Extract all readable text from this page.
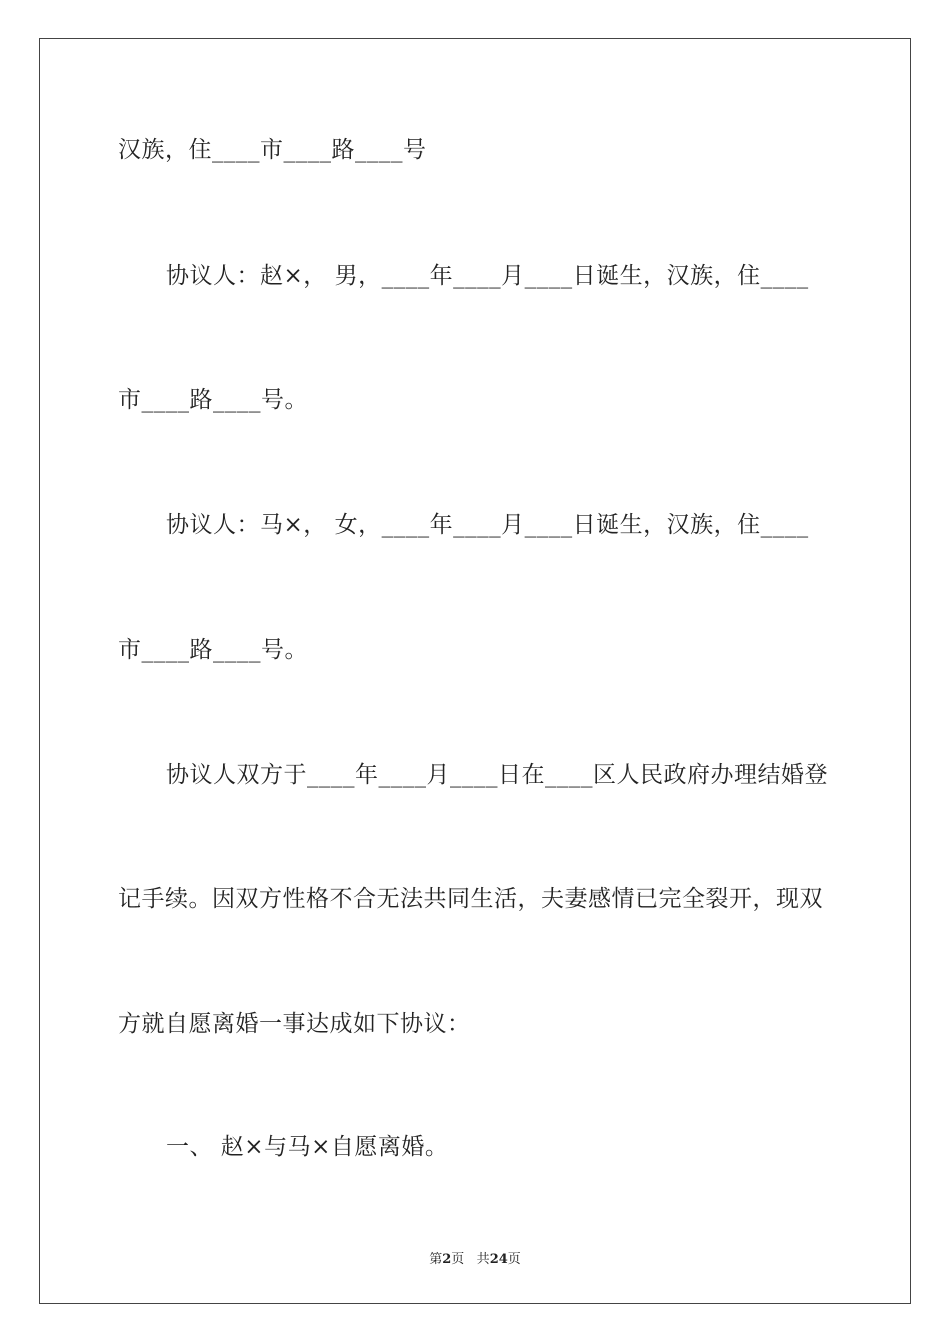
汉族，住____市____路____号
协议人：赵×， 男，____年____月____日诞生，汉族，住____
市____路____号。
协议人：马×， 女，____年____月____日诞生，汉族，住____
市____路____号。
协议人双方于____年____月____日在____区人民政府办理结婚登
记手续。因双方性格不合无法共同生活，夫妻感情已完全裂开，现双
方就自愿离婚一事达成如下协议：
一、 赵×与马×自愿离婚。
第2页 共24页
